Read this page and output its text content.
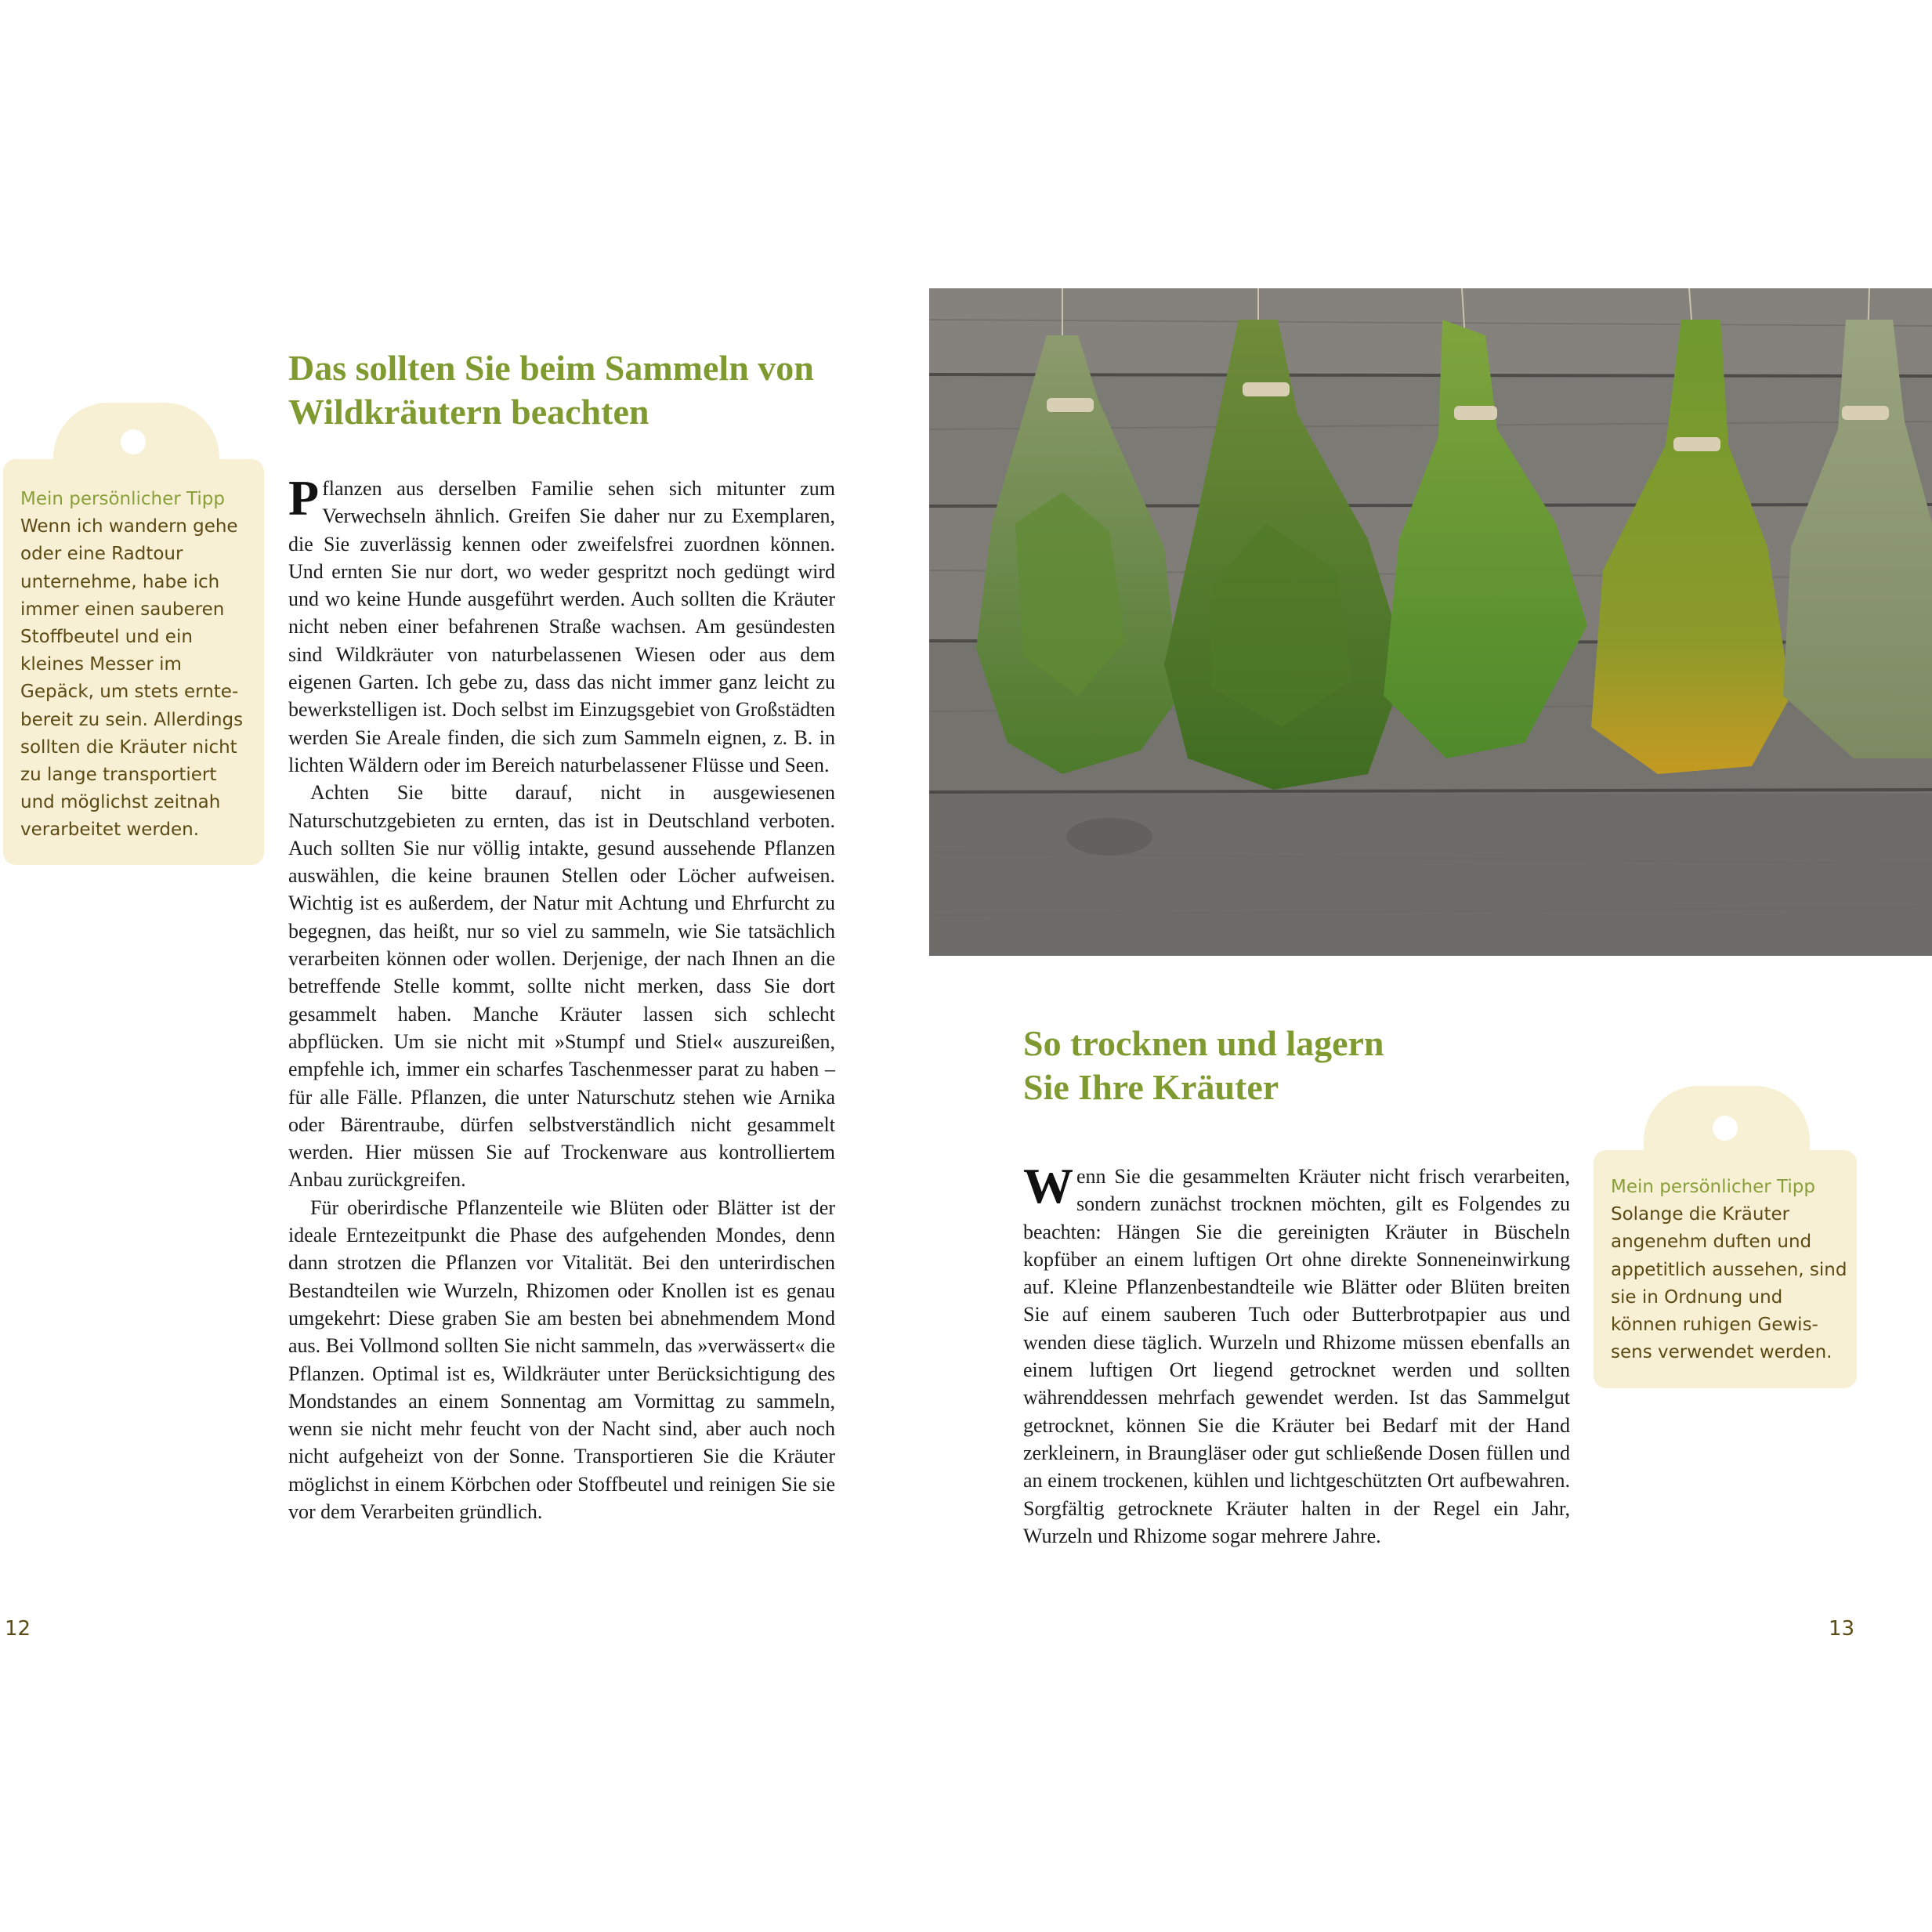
Mein persönlicher Tipp
Wenn ich wandern gehe
oder eine Radtour
unternehme, habe ich
immer einen sauberen
Stoffbeutel und ein
kleines Messer im
Gepäck, um stets ernte-
bereit zu sein. Allerdings
sollten die Kräuter nicht
zu lange transportiert
und möglichst zeitnah
verarbeitet werden.
Das sollten Sie beim Sammeln von
Wildkräutern beachten

Pflanzen aus derselben Familie sehen sich mitunter zum Verwechseln ähnlich. Greifen Sie daher nur zu Exemplaren, die Sie zuverlässig kennen oder zweifelsfrei zuordnen können. Und ernten Sie nur dort, wo weder gespritzt noch gedüngt wird und wo keine Hunde ausgeführt werden. Auch sollten die Kräuter nicht neben einer befahrenen Straße wachsen. Am gesündesten sind Wildkräuter von naturbelassenen Wiesen oder aus dem eigenen Garten. Ich gebe zu, dass das nicht immer ganz leicht zu bewerkstelligen ist. Doch selbst im Einzugsgebiet von Großstädten werden Sie Areale finden, die sich zum Sammeln eignen, z. B. in lichten Wäldern oder im Bereich naturbelassener Flüsse und Seen.

Achten Sie bitte darauf, nicht in ausgewiesenen Naturschutzgebieten zu ernten, das ist in Deutschland verboten. Auch sollten Sie nur völlig intakte, gesund aussehende Pflanzen auswählen, die keine braunen Stellen oder Löcher aufweisen. Wichtig ist es außerdem, der Natur mit Achtung und Ehrfurcht zu begegnen, das heißt, nur so viel zu sammeln, wie Sie tatsächlich verarbeiten können oder wollen. Derjenige, der nach Ihnen an die betreffende Stelle kommt, sollte nicht merken, dass Sie dort gesammelt haben. Manche Kräuter lassen sich schlecht abpflücken. Um sie nicht mit »Stumpf und Stiel« auszureißen, empfehle ich, immer ein scharfes Taschenmesser parat zu haben – für alle Fälle. Pflanzen, die unter Naturschutz stehen wie Arnika oder Bärentraube, dürfen selbstverständlich nicht gesammelt werden. Hier müssen Sie auf Trockenware aus kontrolliertem Anbau zurückgreifen.

Für oberirdische Pflanzenteile wie Blüten oder Blätter ist der ideale Erntezeitpunkt die Phase des aufgehenden Mondes, denn dann strotzen die Pflanzen vor Vitalität. Bei den unterirdischen Bestandteilen wie Wurzeln, Rhizomen oder Knollen ist es genau umgekehrt: Diese graben Sie am besten bei abnehmendem Mond aus. Bei Vollmond sollten Sie nicht sammeln, das »verwässert« die Pflanzen. Optimal ist es, Wildkräuter unter Berücksichtigung des Mondstandes an einem Sonnentag am Vormittag zu sammeln, wenn sie nicht mehr feucht von der Nacht sind, aber auch noch nicht aufgeheizt von der Sonne. Transportieren Sie die Kräuter möglichst in einem Körbchen oder Stoffbeutel und reinigen Sie sie vor dem Verarbeiten gründlich.

12
So trocknen und lagern
Sie Ihre Kräuter

Wenn Sie die gesammelten Kräuter nicht frisch verarbeiten, sondern zunächst trocknen möchten, gilt es Folgendes zu beachten: Hängen Sie die gereinigten Kräuter in Büscheln kopfüber an einem luftigen Ort ohne direkte Sonneneinwirkung auf. Kleine Pflanzenbestandteile wie Blätter oder Blüten breiten Sie auf einem sauberen Tuch oder Butterbrotpapier aus und wenden diese täglich. Wurzeln und Rhizome müssen ebenfalls an einem luftigen Ort liegend getrocknet werden und sollten währenddessen mehrfach gewendet werden. Ist das Sammelgut getrocknet, können Sie die Kräuter bei Bedarf mit der Hand zerkleinern, in Braungläser oder gut schließende Dosen füllen und an einem trockenen, kühlen und lichtgeschützten Ort aufbewahren. Sorgfältig getrocknete Kräuter halten in der Regel ein Jahr, Wurzeln und Rhizome sogar mehrere Jahre.

Mein persönlicher Tipp
Solange die Kräuter
angenehm duften und
appetitlich aussehen, sind
sie in Ordnung und
können ruhigen Gewis-
sens verwendet werden.
13
